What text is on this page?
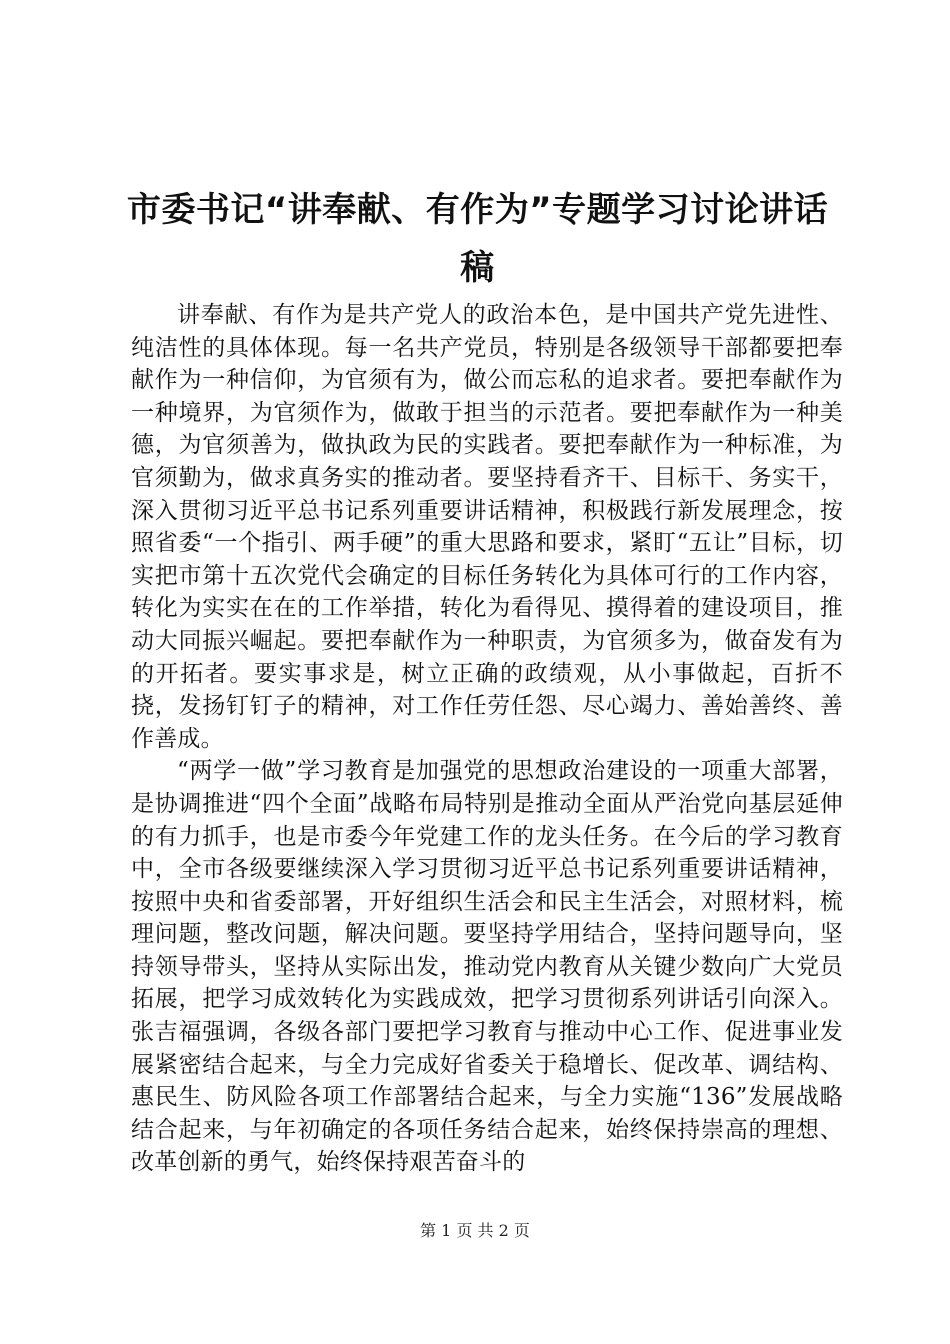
市委书记“讲奉献、有作为”专题学习讨论讲话稿

讲奉献、有作为是共产党人的政治本色，是中国共产党先进性、纯洁性的具体体现。每一名共产党员，特别是各级领导干部都要把奉献作为一种信仰，为官须有为，做公而忘私的追求者。要把奉献作为一种境界，为官须作为，做敢于担当的示范者。要把奉献作为一种美德，为官须善为，做执政为民的实践者。要把奉献作为一种标准，为官须勤为，做求真务实的推动者。要坚持看齐干、目标干、务实干，深入贯彻习近平总书记系列重要讲话精神，积极践行新发展理念，按照省委“一个指引、两手硬”的重大思路和要求，紧盯“五让”目标，切实把市第十五次党代会确定的目标任务转化为具体可行的工作内容，转化为实实在在的工作举措，转化为看得见、摸得着的建设项目，推动大同振兴崛起。要把奉献作为一种职责，为官须多为，做奋发有为的开拓者。要实事求是，树立正确的政绩观，从小事做起，百折不挠，发扬钉钉子的精神，对工作任劳任怨、尽心竭力、善始善终、善作善成。

“两学一做”学习教育是加强党的思想政治建设的一项重大部署，是协调推进“四个全面”战略布局特别是推动全面从严治党向基层延伸的有力抓手，也是市委今年党建工作的龙头任务。在今后的学习教育中，全市各级要继续深入学习贯彻习近平总书记系列重要讲话精神，按照中央和省委部署，开好组织生活会和民主生活会，对照材料，梳理问题，整改问题，解决问题。要坚持学用结合，坚持问题导向，坚持领导带头，坚持从实际出发，推动党内教育从关键少数向广大党员拓展，把学习成效转化为实践成效，把学习贯彻系列讲话引向深入。张吉福强调，各级各部门要把学习教育与推动中心工作、促进事业发展紧密结合起来，与全力完成好省委关于稳增长、促改革、调结构、惠民生、防风险各项工作部署结合起来，与全力实施“136”发展战略结合起来，与年初确定的各项任务结合起来，始终保持崇高的理想、改革创新的勇气，始终保持艰苦奋斗的

第 1 页 共 2 页
